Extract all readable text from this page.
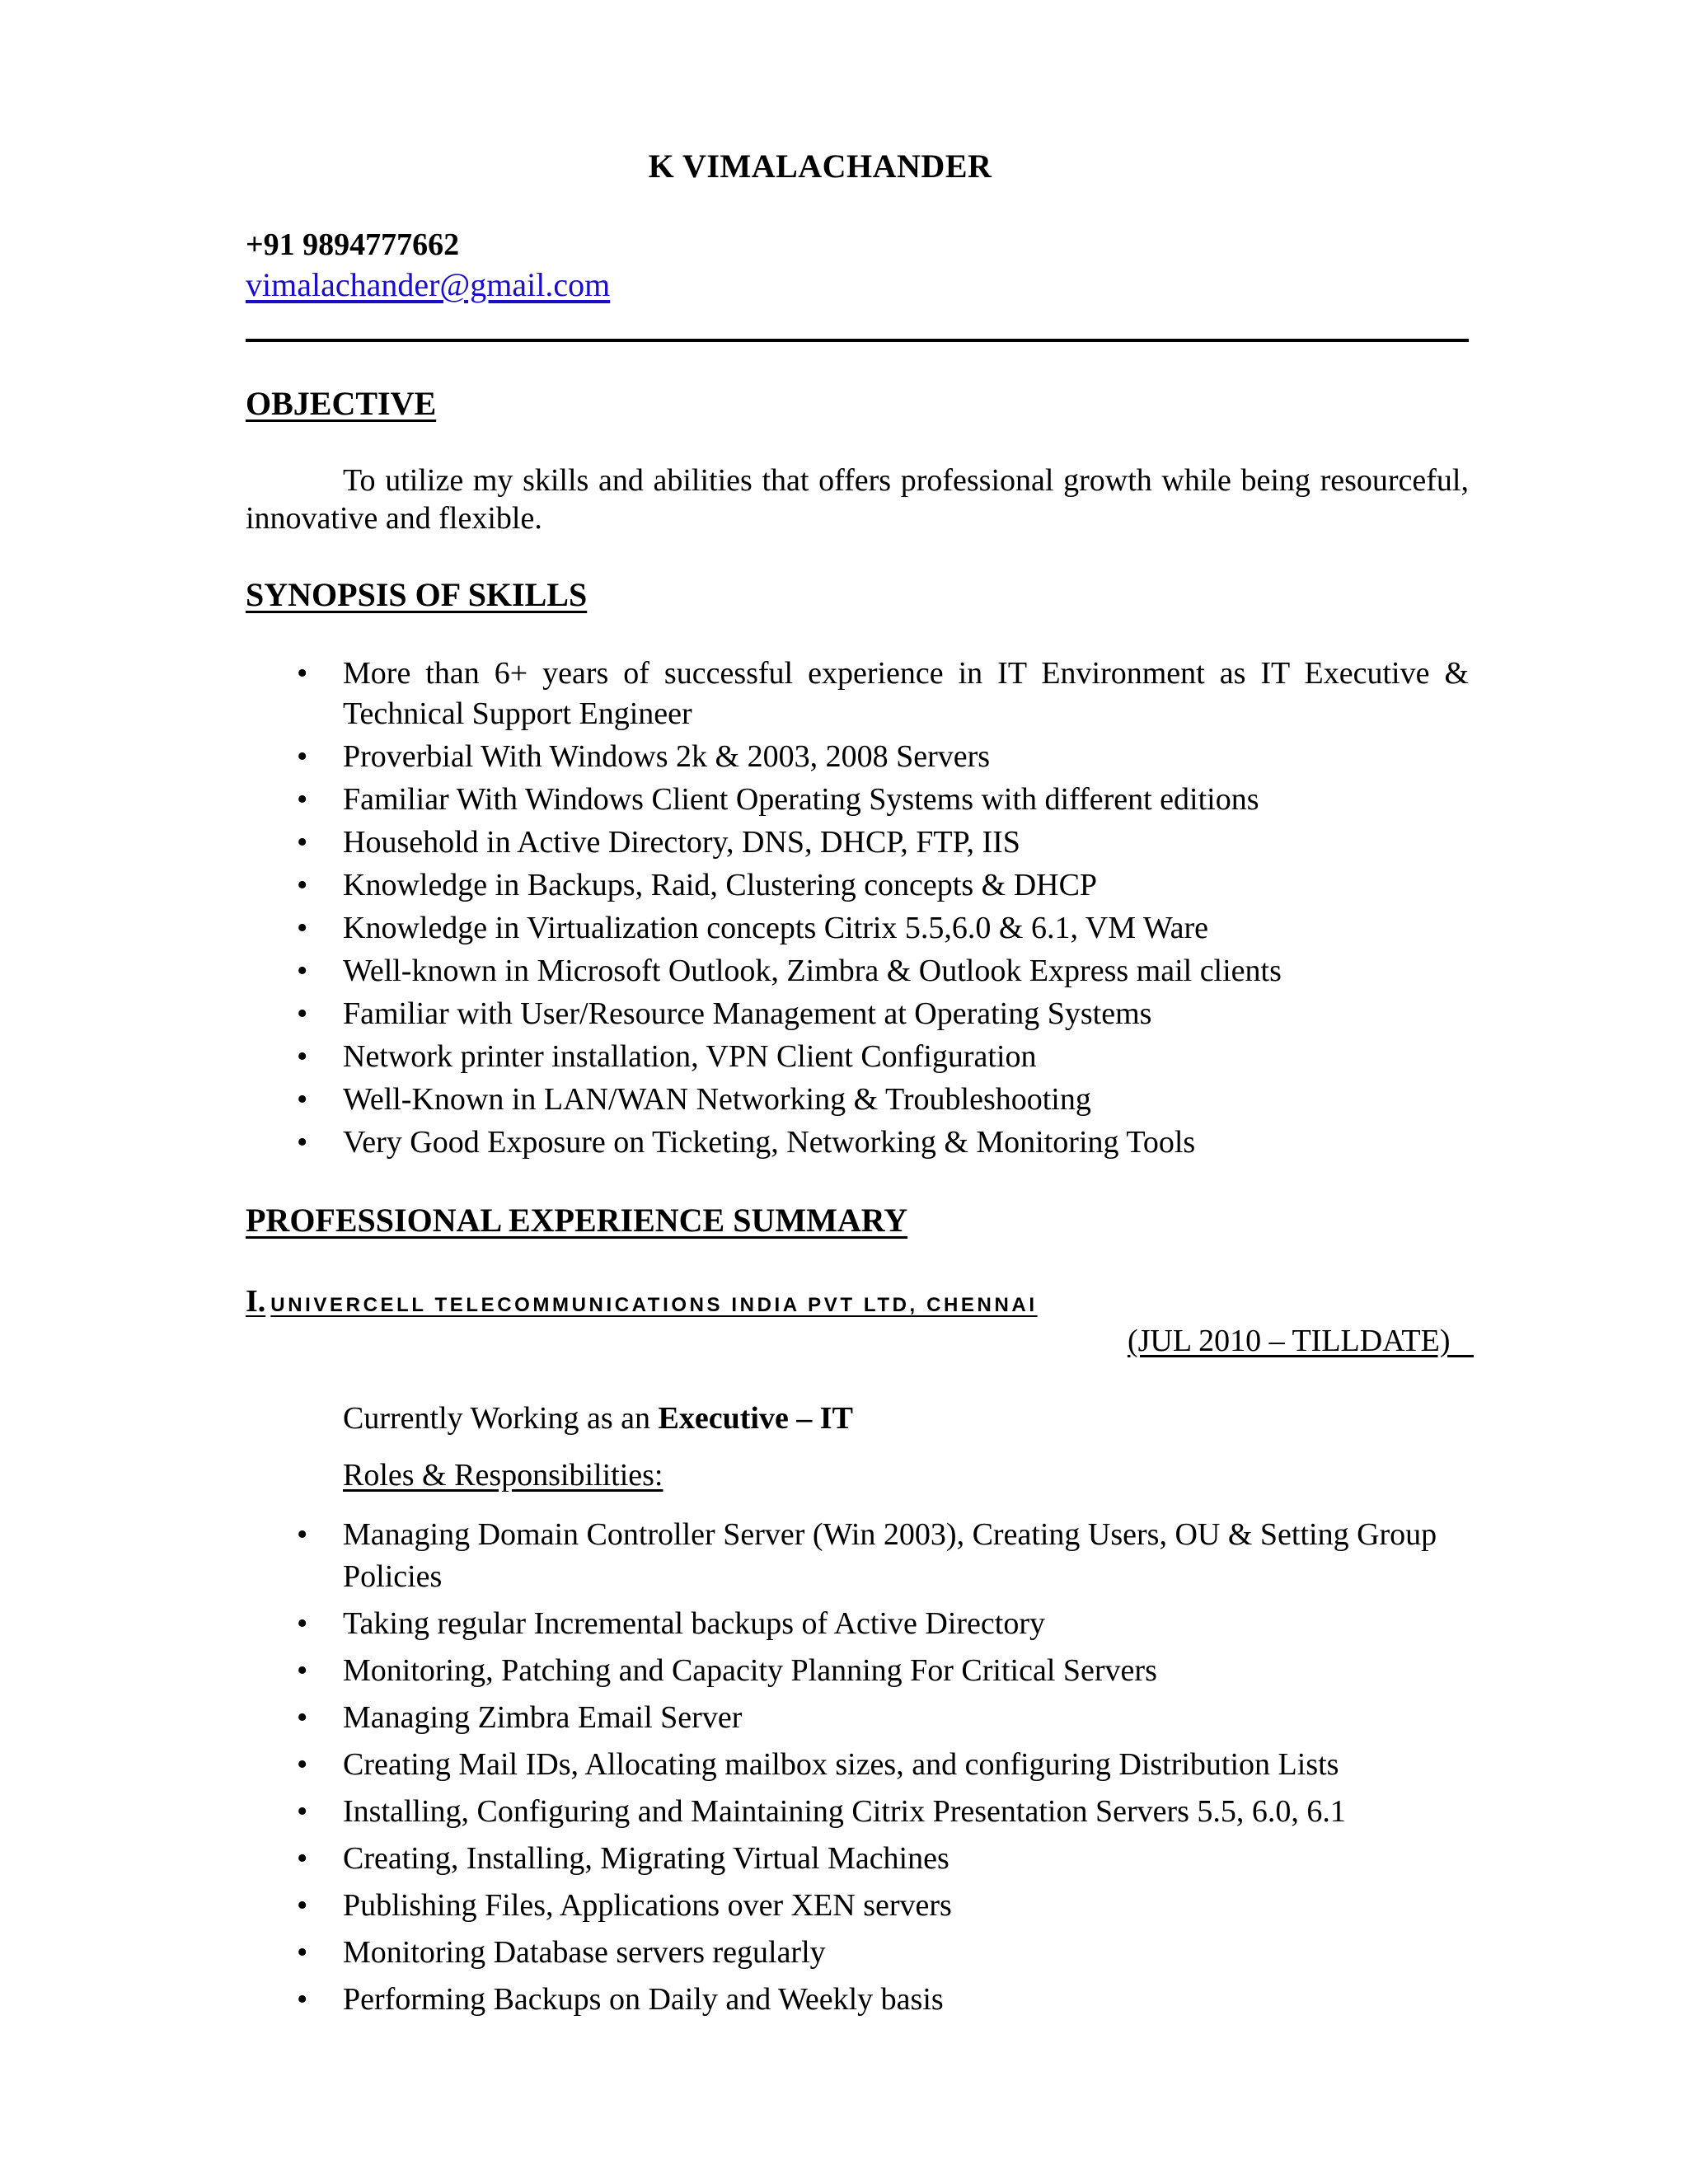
K VIMALACHANDER
+91 9894777662
vimalachander@gmail.com
OBJECTIVE
To utilize my skills and abilities that offers professional growth while being resourceful, innovative and flexible.
SYNOPSIS OF SKILLS
• More than 6+ years of successful experience in IT Environment as IT Executive & Technical Support Engineer
• Proverbial With Windows 2k & 2003, 2008 Servers
• Familiar With Windows Client Operating Systems with different editions
• Household in Active Directory, DNS, DHCP, FTP, IIS
• Knowledge in Backups, Raid, Clustering concepts & DHCP
• Knowledge in Virtualization concepts Citrix 5.5,6.0 & 6.1, VM Ware
• Well-known in Microsoft Outlook, Zimbra & Outlook Express mail clients
• Familiar with User/Resource Management at Operating Systems
• Network printer installation, VPN Client Configuration
• Well-Known in LAN/WAN Networking & Troubleshooting
• Very Good Exposure on Ticketing, Networking & Monitoring Tools
PROFESSIONAL EXPERIENCE SUMMARY
I. UNIVERCELL TELECOMMUNICATIONS INDIA PVT LTD, CHENNAI
(JUL 2010 – TILLDATE)
Currently Working as an Executive – IT
Roles & Responsibilities:
• Managing Domain Controller Server (Win 2003), Creating Users, OU & Setting Group Policies
• Taking regular Incremental backups of Active Directory
• Monitoring, Patching and Capacity Planning For Critical Servers
• Managing Zimbra Email Server
• Creating Mail IDs, Allocating mailbox sizes, and configuring Distribution Lists
• Installing, Configuring and Maintaining Citrix Presentation Servers 5.5, 6.0, 6.1
• Creating, Installing, Migrating Virtual Machines
• Publishing Files, Applications over XEN servers
• Monitoring Database servers regularly
• Performing Backups on Daily and Weekly basis
